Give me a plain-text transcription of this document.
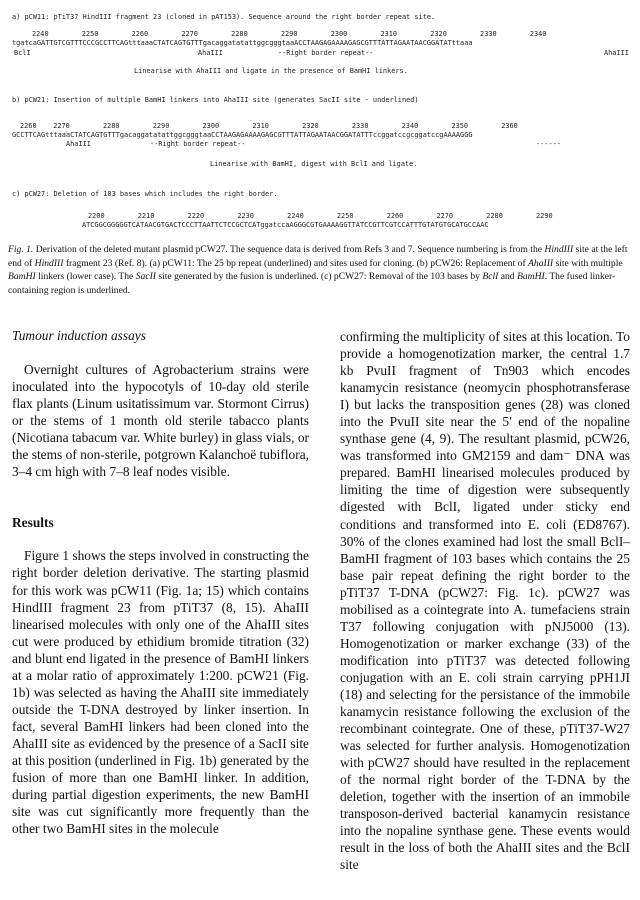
a) pCW11: pTiT37 HindIII fragment 23 (cloned in pAT153). Sequence around the right border repeat site.
2240        2250        2260        2270        2280        2290        2300        2310        2320        2330        2340
tgatcaGATTGTCGTTTCCCGCCTTCAGtttaaaCTATCAGTGTTTgacaggatatattggcgggtaaACCTAAGAGAAAAGAGCGTTTATTAGAATAACGGATATttaaa
BclI	AhaIII	--Right border repeat--	AhaIII
Linearise with AhaIII and ligate in the presence of BamHI linkers.
b) pCW21: Insertion of multiple BamHI linkers into AhaIII site (generates SacII site - underlined)
2260    2270        2280        2290        2300        2310        2320        2330        2340        2350        2360
GCCTTCAGtttaaaCTATCAGTGTTTgacaggatatattggcgggtaaCCTAAGAGAAAAGAGCGTTTATTAGAATAACGGATATTTccggatccgcggatccgAAAAGGG
AhaIII	--Right border repeat--	------
Linearise with BamHI, digest with BclI and ligate.
c) pCW27: Deletion of 103 bases which includes the right border.
2200        2210        2220        2230        2240        2250        2260        2270        2280        2290
ATCGGCGGGGGTCATAACGTGACTCCCTTAATTCTCCGCTCATggatccaAGGGCGTGAAAAGGTTATCCGTTCGTCCATTTGTATGTGCATGCCAAC
Fig. 1. Derivation of the deleted mutant plasmid pCW27. The sequence data is derived from Refs 3 and 7. Sequence numbering is from the HindIII site at the left end of HindIII fragment 23 (Ref. 8). (a) pCW11: The 25 bp repeat (underlined) and sites used for cloning. (b) pCW26: Replacement of AhaIII site with multiple BamHI linkers (lower case). The SacII site generated by the fusion is underlined. (c) pCW27: Removal of the 103 bases by BclI and BamHI. The fused linker-containing region is underlined.

Tumour induction assays

Overnight cultures of Agrobacterium strains were inoculated into the hypocotyls of 10-day old sterile flax plants (Linum usitatissimum var. Stormont Cirrus) or the stems of 1 month old sterile tabacco plants (Nicotiana tabacum var. White burley) in glass vials, or the stems of non-sterile, potgrown Kalanchoë tubiflora, 3–4 cm high with 7–8 leaf nodes visible.

Results

Figure 1 shows the steps involved in constructing the right border deletion derivative. The starting plasmid for this work was pCW11 (Fig. 1a; 15) which contains HindIII fragment 23 from pTiT37 (8, 15). AhaIII linearised molecules with only one of the AhaIII sites cut were produced by ethidium bromide titration (32) and blunt end ligated in the presence of BamHI linkers at a molar ratio of approximately 1:200. pCW21 (Fig. 1b) was selected as having the AhaIII site immediately outside the T-DNA destroyed by linker insertion. In fact, several BamHI linkers had been cloned into the AhaIII site as evidenced by the presence of a SacII site at this position (underlined in Fig. 1b) generated by the fusion of more than one BamHI linker. In addition, during partial digestion experiments, the new BamHI site was cut significantly more frequently than the other two BamHI sites in the molecule

confirming the multiplicity of sites at this location. To provide a homogenotization marker, the central 1.7 kb PvuII fragment of Tn903 which encodes kanamycin resistance (neomycin phosphotransferase I) but lacks the transposition genes (28) was cloned into the PvuII site near the 5′ end of the nopaline synthase gene (4, 9). The resultant plasmid, pCW26, was transformed into GM2159 and dam⁻ DNA was prepared. BamHI linearised molecules produced by limiting the time of digestion were subsequently digested with BclI, ligated under sticky end conditions and transformed into E. coli (ED8767). 30% of the clones examined had lost the small BclI–BamHI fragment of 103 bases which contains the 25 base pair repeat defining the right border to the pTiT37 T-DNA (pCW27: Fig. 1c). pCW27 was mobilised as a cointegrate into A. tumefaciens strain T37 following conjugation with pNJ5000 (13). Homogenotization or marker exchange (33) of the modification into pTiT37 was detected following conjugation with an E. coli strain carrying pPH1JI (18) and selecting for the persistance of the immobile kanamycin resistance following the exclusion of the recombinant cointegrate. One of these, pTiT37-W27 was selected for further analysis. Homogenotization with pCW27 should have resulted in the replacement of the normal right border of the T-DNA by the deletion, together with the insertion of an immobile transposon-derived bacterial kanamycin resistance into the nopaline synthase gene. These events would result in the loss of both the AhaIII sites and the BclI site
